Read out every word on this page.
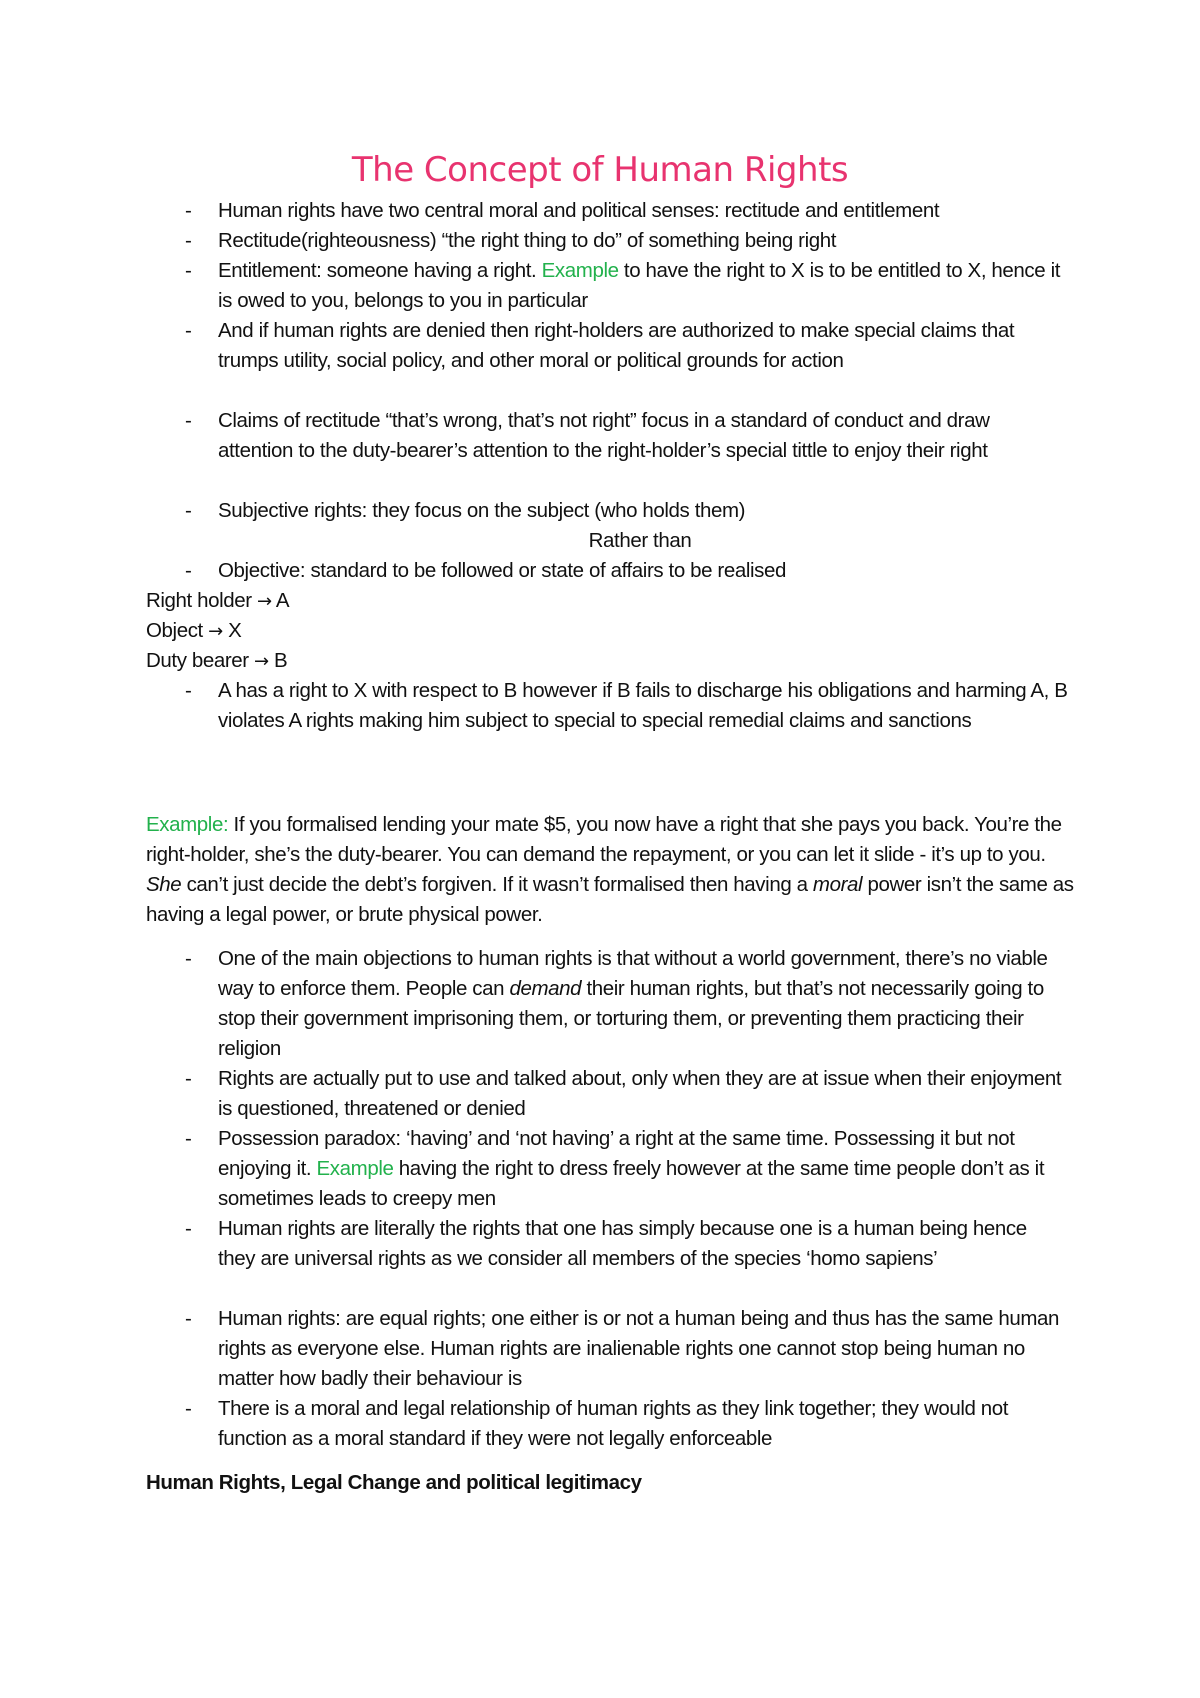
The Concept of Human Rights
- Human rights have two central moral and political senses: rectitude and entitlement
- Rectitude(righteousness) “the right thing to do” of something being right
- Entitlement: someone having a right. Example to have the right to X is to be entitled to X, hence it is owed to you, belongs to you in particular
- And if human rights are denied then right-holders are authorized to make special claims that trumps utility, social policy, and other moral or political grounds for action
- Claims of rectitude “that’s wrong, that’s not right” focus in a standard of conduct and draw attention to the duty-bearer’s attention to the right-holder’s special tittle to enjoy their right
- Subjective rights: they focus on the subject (who holds them)
Rather than
- Objective: standard to be followed or state of affairs to be realised
Right holder → A
Object → X
Duty bearer → B
- A has a right to X with respect to B however if B fails to discharge his obligations and harming A, B violates A rights making him subject to special to special remedial claims and sanctions
Example: If you formalised lending your mate $5, you now have a right that she pays you back. You’re the right-holder, she’s the duty-bearer. You can demand the repayment, or you can let it slide - it’s up to you. She can’t just decide the debt’s forgiven. If it wasn’t formalised then having a moral power isn’t the same as having a legal power, or brute physical power.
- One of the main objections to human rights is that without a world government, there’s no viable way to enforce them. People can demand their human rights, but that’s not necessarily going to stop their government imprisoning them, or torturing them, or preventing them practicing their religion
- Rights are actually put to use and talked about, only when they are at issue when their enjoyment is questioned, threatened or denied
- Possession paradox: ‘having’ and ‘not having’ a right at the same time. Possessing it but not enjoying it. Example having the right to dress freely however at the same time people don’t as it sometimes leads to creepy men
- Human rights are literally the rights that one has simply because one is a human being hence they are universal rights as we consider all members of the species ‘homo sapiens’
- Human rights: are equal rights; one either is or not a human being and thus has the same human rights as everyone else. Human rights are inalienable rights one cannot stop being human no matter how badly their behaviour is
- There is a moral and legal relationship of human rights as they link together; they would not function as a moral standard if they were not legally enforceable
Human Rights, Legal Change and political legitimacy
